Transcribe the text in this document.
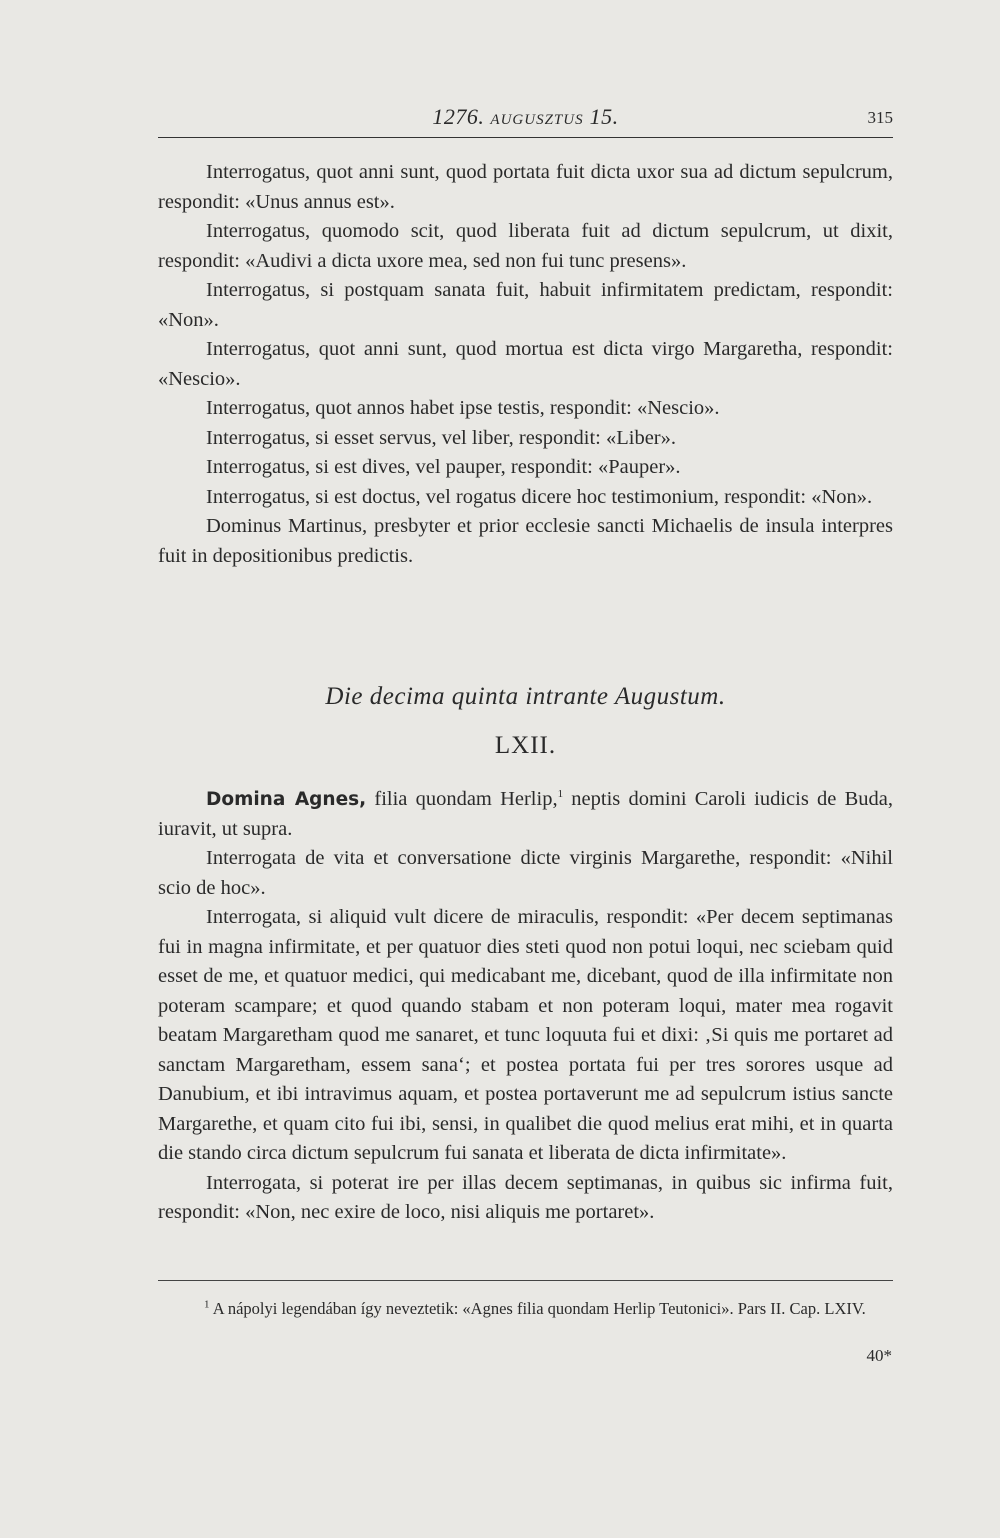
1276. AUGUSZTUS 15.	315

Interrogatus, quot anni sunt, quod portata fuit dicta uxor sua ad dictum sepulcrum, respondit: «Unus annus est».

Interrogatus, quomodo scit, quod liberata fuit ad dictum sepulcrum, ut dixit, respondit: «Audivi a dicta uxore mea, sed non fui tunc presens».

Interrogatus, si postquam sanata fuit, habuit infirmitatem predictam, respondit: «Non».

Interrogatus, quot anni sunt, quod mortua est dicta virgo Margaretha, respondit: «Nescio».

Interrogatus, quot annos habet ipse testis, respondit: «Nescio».

Interrogatus, si esset servus, vel liber, respondit: «Liber».

Interrogatus, si est dives, vel pauper, respondit: «Pauper».

Interrogatus, si est doctus, vel rogatus dicere hoc testimonium, respondit: «Non».

Dominus Martinus, presbyter et prior ecclesie sancti Michaelis de insula interpres fuit in depositionibus predictis.

Die decima quinta intrante Augustum.
LXII.

Domina Agnes, filia quondam Herlip,$^1$ neptis domini Caroli iudicis de Buda, iuravit, ut supra.

Interrogata de vita et conversatione dicte virginis Margarethe, respondit: «Nihil scio de hoc».

Interrogata, si aliquid vult dicere de miraculis, respondit: «Per decem septimanas fui in magna infirmitate, et per quatuor dies steti quod non potui loqui, nec sciebam quid esset de me, et quatuor medici, qui medicabant me, dicebant, quod de illa infirmitate non poteram scampare; et quod quando stabam et non poteram loqui, mater mea rogavit beatam Margaretham quod me sanaret, et tunc loquuta fui et dixi: ‚Si quis me portaret ad sanctam Margaretham, essem sana‘; et postea portata fui per tres sorores usque ad Danubium, et ibi intravimus aquam, et postea portaverunt me ad sepulcrum istius sancte Margarethe, et quam cito fui ibi, sensi, in qualibet die quod melius erat mihi, et in quarta die stando circa dictum sepulcrum fui sanata et liberata de dicta infirmitate».

Interrogata, si poterat ire per illas decem septimanas, in quibus sic infirma fuit, respondit: «Non, nec exire de loco, nisi aliquis me portaret».

$^1$ A nápolyi legendában így neveztetik: «Agnes filia quondam Herlip Teutonici». Pars II. Cap. LXIV.

40*
